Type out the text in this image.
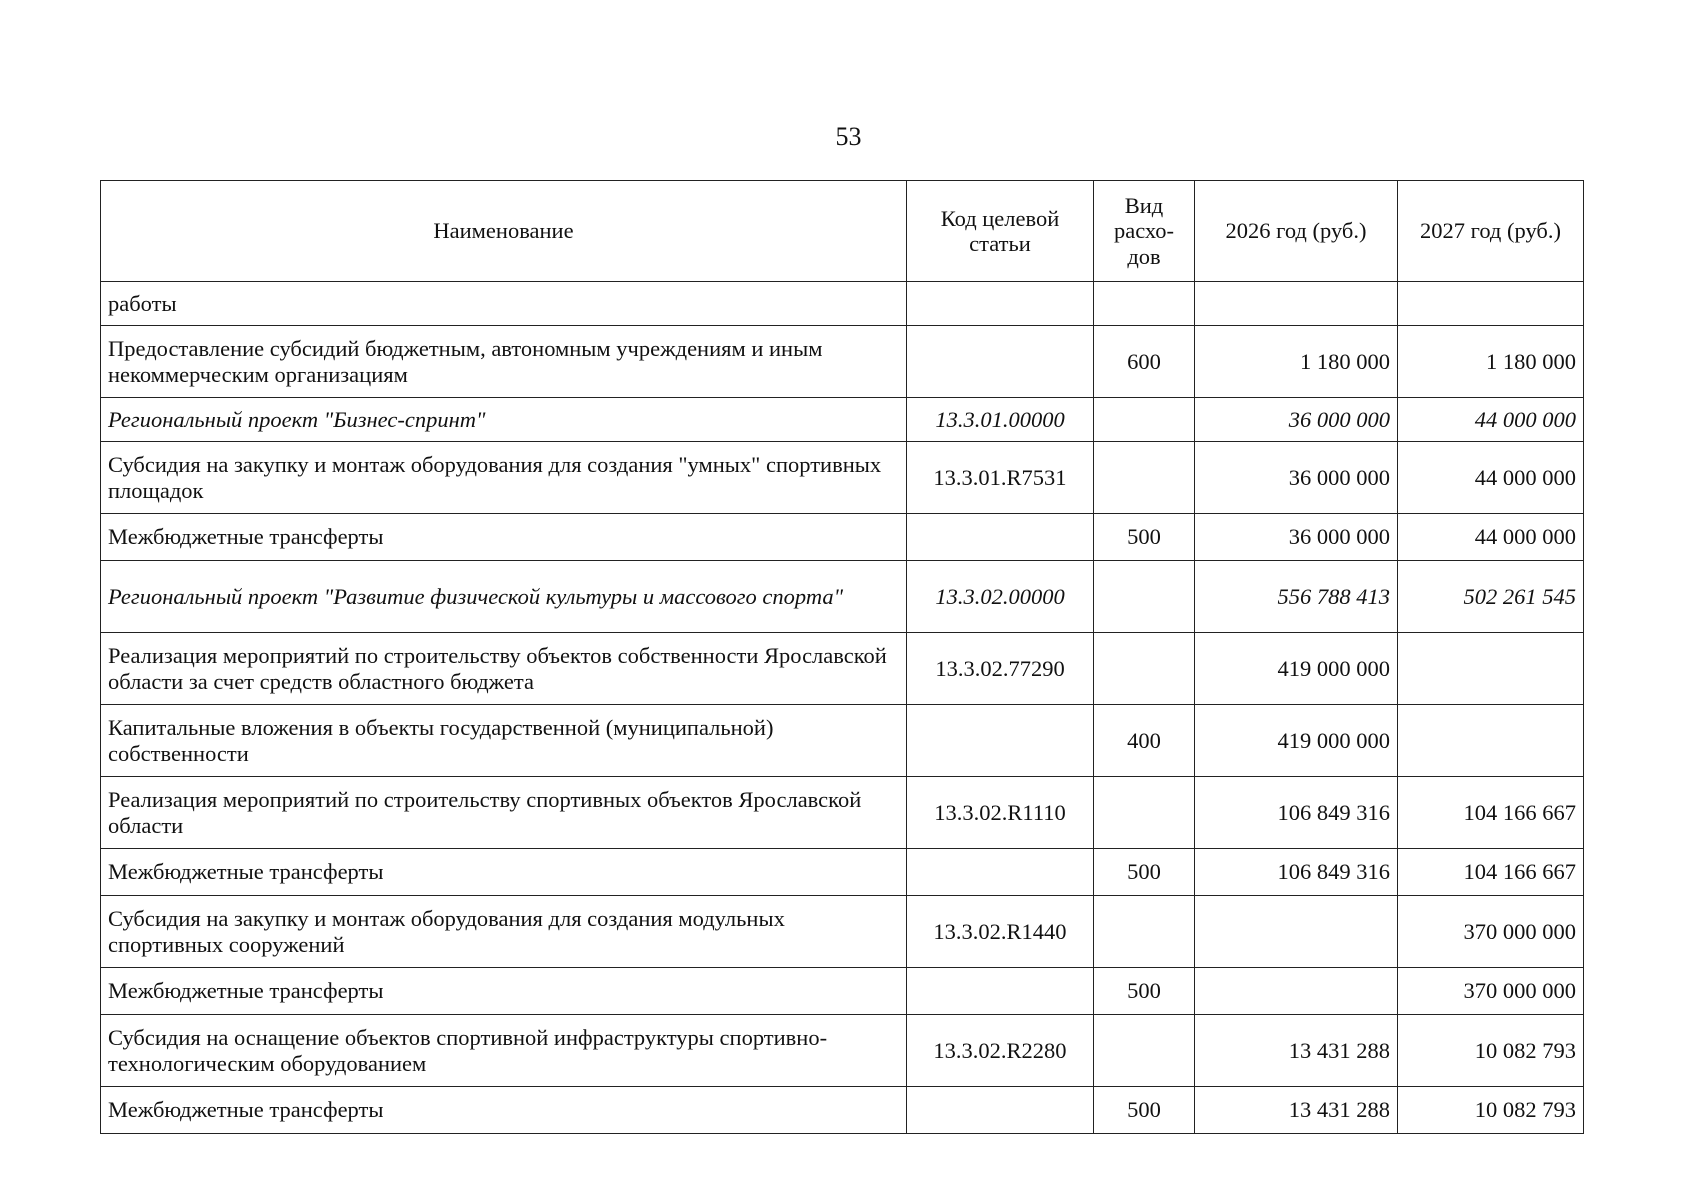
53
Наименование	Код целевой статьи	Вид расхо-дов	2026 год (руб.)	2027 год (руб.)
работы				
Предоставление субсидий бюджетным, автономным учреждениям и иным некоммерческим организациям		600	1 180 000	1 180 000
Региональный проект "Бизнес-спринт"	13.3.01.00000		36 000 000	44 000 000
Субсидия на закупку и монтаж оборудования для создания "умных" спортивных площадок	13.3.01.R7531		36 000 000	44 000 000
Межбюджетные трансферты		500	36 000 000	44 000 000
Региональный проект "Развитие физической культуры и массового спорта"	13.3.02.00000		556 788 413	502 261 545
Реализация мероприятий по строительству объектов собственности Ярославской области за счет средств областного бюджета	13.3.02.77290		419 000 000	
Капитальные вложения в объекты государственной (муниципальной) собственности		400	419 000 000	
Реализация мероприятий по строительству спортивных объектов Ярославской области	13.3.02.R1110		106 849 316	104 166 667
Межбюджетные трансферты		500	106 849 316	104 166 667
Субсидия на закупку и монтаж оборудования для создания модульных спортивных сооружений	13.3.02.R1440			370 000 000
Межбюджетные трансферты		500		370 000 000
Субсидия на оснащение объектов спортивной инфраструктуры спортивно-технологическим оборудованием	13.3.02.R2280		13 431 288	10 082 793
Межбюджетные трансферты		500	13 431 288	10 082 793
